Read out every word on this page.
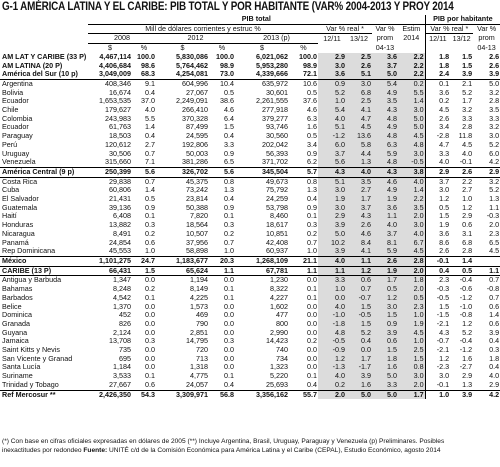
G-1 AMÉRICA LATINA Y EL CARIBE: PIB TOTAL Y POR HABITANTE (VAR% 2004-2013 Y PROY 2014
	PIB total										PIB por habitante		
	Mill de dólares corrientes y estruc %						Var % real *		Var %	Estim	Var % real *		Var %
	2008		2012		2013 (p)		12/11	13/12	prom	2014	12/11	13/12	prom
	$	%	$	%	$	%			04-13				04-13
AM LAT Y CARIBE (33 P)	4,467,114	100.0	5,830,086	100.0	6,021,062	100.0	2.9	2.5	3.6	2.2	1.8	1.5	2.6
AM LATINA (20 P)	4,406,684	98.6	5,764,462	98.9	5,953,280	98.9	3.0	2.6	3.7	2.2	1.8	1.5	2.6
América del Sur (10 p)	3,049,009	68.3	4,254,081	73.0	4,339,666	72.1	3.6	5.1	5.0	2.2	2.4	3.9	3.9
Argentina	408,346	9.1	604,996	10.4	635,972	10.6	0.9	3.0	5.4	0.2	0.1	2.1	5.0
Bolivia	16,674	0.4	27,067	0.5	30,601	0.5	5.2	6.8	4.9	5.5	3.6	5.2	3.2
Ecuador	1,653,535	37.0	2,249,091	38.6	2,261,555	37.6	1.0	2.5	3.5	1.4	0.2	1.7	2.8
Chile	179,627	4.0	266,410	4.6	277,918	4.6	5.4	4.1	4.3	3.0	4.5	3.2	3.5
Colombia	243,983	5.5	370,328	6.4	379,277	6.3	4.0	4.7	4.8	5.0	2.6	3.3	3.3
Ecuador	61,763	1.4	87,499	1.5	93,746	1.6	5.1	4.5	4.9	5.0	3.4	2.8	3.2
Paraguay	18,503	0.4	24,595	0.4	30,560	0.5	-1.2	13.6	4.8	4.5	-2.8	11.8	3.0
Perú	120,612	2.7	192,806	3.3	202,042	3.4	6.0	5.8	6.3	4.8	4.7	4.5	5.2
Uruguay	30,506	0.7	50,003	0.9	56,393	0.9	3.7	4.4	5.9	3.0	3.3	4.0	6.0
Venezuela	315,660	7.1	381,286	6.5	371,702	6.2	5.6	1.3	4.8	-0.5	4.0	-0.1	4.2
América Central (9 p)	250,399	5.6	326,702	5.6	345,504	5.7	4.3	4.0	4.3	3.8	2.9	2.6	2.9
Costa Rica	29,838	0.7	45,375	0.8	49,673	0.8	5.1	3.5	4.6	4.0	3.7	2.2	3.2
Cuba	60,806	1.4	73,242	1.3	75,792	1.3	3.0	2.7	4.9	1.4	3.0	2.7	5.2
El Salvador	21,431	0.5	23,814	0.4	24,259	0.4	1.9	1.7	1.9	2.2	1.2	1.0	1.3
Guatemala	39,136	0.9	50,388	0.9	53,798	0.9	3.0	3.7	3.6	3.5	0.5	1.2	1.1
Haití	6,408	0.1	7,820	0.1	8,460	0.1	2.9	4.3	1.1	2.0	1.5	2.9	-0.3
Honduras	13,882	0.3	18,564	0.3	18,617	0.3	3.9	2.6	4.0	3.0	1.9	0.6	2.0
Nicaragua	8,491	0.2	10,507	0.2	10,851	0.2	5.0	4.6	3.7	4.0	3.6	3.1	2.3
Panamá	24,854	0.6	37,956	0.7	42,408	0.7	10.2	8.4	8.1	6.7	8.6	6.8	6.5
Rep Dominicana	45,553	1.0	58,898	1.0	60,937	1.0	3.9	4.1	5.9	4.5	2.6	2.8	4.5
México	1,101,275	24.7	1,183,677	20.3	1,268,109	21.1	4.0	1.1	2.6	2.8	-0.1	1.4	
CARIBE (13 P)	66,431	1.5	65,624	1.1	67,781	1.1	1.1	1.2	1.9	2.0	0.4	0.5	1.1
Antigua y Barbuda	1,347	0.0	1,194	0.0	1,230	0.0	3.3	0.6	1.7	1.8	2.3	-0.4	0.7
Bahamas	8,248	0.2	8,149	0.1	8,322	0.1	1.0	0.7	0.5	2.0	-0.3	-0.6	-0.8
Barbados	4,542	0.1	4,225	0.1	4,227	0.1	0.0	-0.7	1.2	0.5	-0.5	-1.2	0.7
Belice	1,370	0.0	1,573	0.0	1,602	0.0	4.0	1.5	3.0	2.3	1.5	-1.0	0.6
Dominica	452	0.0	469	0.0	477	0.0	-1.0	-0.5	1.5	1.0	-1.5	-0.8	1.4
Granada	826	0.0	790	0.0	800	0.0	-1.8	1.5	0.9	1.9	-2.1	1.2	0.6
Guyana	2,124	0.0	2,851	0.0	2,990	0.0	4.8	5.2	3.9	4.5	4.3	5.2	3.9
Jamaica	13,708	0.3	14,795	0.3	14,423	0.2	-0.5	0.4	0.6	1.0	-0.7	-0.4	0.4
Saint Kitts y Nevis	735	0.0	720	0.0	740	0.0	-0.9	0.0	1.5	2.5	-2.1	-1.2	0.3
San Vicente y Granad	695	0.0	713	0.0	734	0.0	1.2	1.7	1.8	1.5	1.2	1.6	1.8
Santa Lucía	1,184	0.0	1,318	0.0	1,323	0.0	-1.3	-1.7	1.6	0.8	-2.3	-2.7	0.4
Suriname	3,533	0.1	4,775	0.1	5,220	0.1	4.0	3.9	5.0	3.0	3.0	2.9	4.0
Trinidad y Tobago	27,667	0.6	24,057	0.4	25,693	0.4	0.2	1.6	3.3	2.0	-0.1	1.3	2.9
Ref Mercosur **	2,426,350	54.3	3,309,971	56.8	3,356,162	55.7	2.0	5.0	5.0	1.7	1.0	3.9	4.2
(*) Con base en cifras oficiales expresadas en dólares de 2005 (**) Incluye Argentina, Brasil, Uruguay, Paraguay y Venezuela (p) Preliminares. Posibles
inexactitudes por redondeo Fuente: UNITÉ c/d de la Comisión Económica para América Latina y el Caribe (CEPAL), Estudio Económico, agosto 2014
